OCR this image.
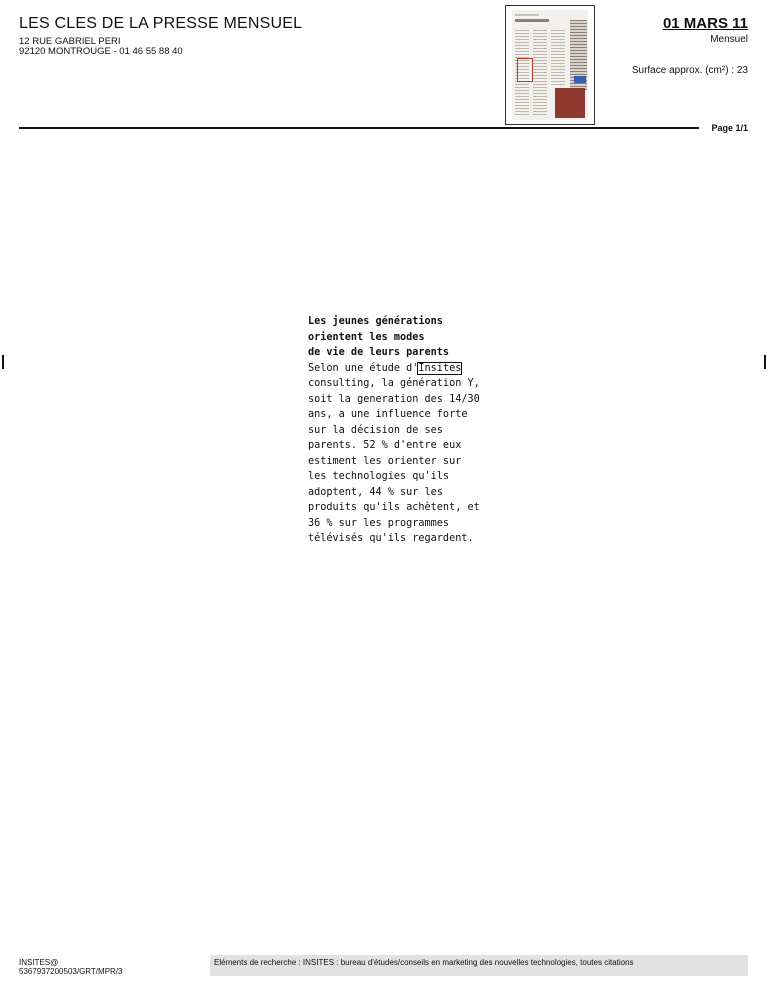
LES CLES DE LA PRESSE MENSUEL
12 RUE GABRIEL PERI
92120 MONTROUGE - 01 46 55 88 40
01 MARS 11
Mensuel
Surface approx. (cm²) : 23
Page 1/1
Les jeunes générations
orientent les modes
de vie de leurs parents
Selon une étude d'Insites consulting, la génération Y, soit la generation des 14/30 ans, a une influence forte sur la décision de ses parents. 52 % d'entre eux estiment les orienter sur les technologies qu'ils adoptent, 44 % sur les produits qu'ils achètent, et 36 % sur les programmes télévisés qu'ils regardent.
INSITES@
5367937200503/GRT/MPR/3
Eléments de recherche : INSITES : bureau d'études/conseils en marketing des nouvelles technologies, toutes citations
